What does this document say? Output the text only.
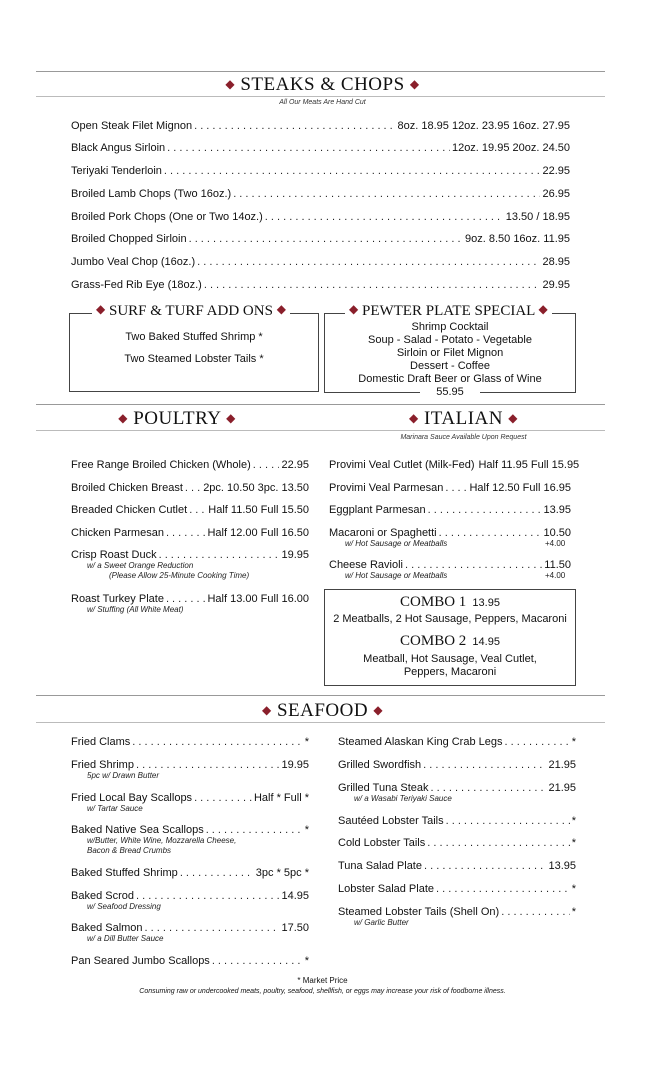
◆ STEAKS & CHOPS ◆
All Our Meats Are Hand Cut
Open Steak Filet Mignon . . .	8oz. 18.95 12oz. 23.95 16oz. 27.95
Black Angus Sirloin . . .	12oz. 19.95 20oz. 24.50
Teriyaki Tenderloin . . .	22.95
Broiled Lamb Chops (Two 16oz.) . . .	26.95
Broiled Pork Chops (One or Two 14oz.) . . .	13.50 / 18.95
Broiled Chopped Sirloin . . .	9oz. 8.50 16oz. 11.95
Jumbo Veal Chop (16oz.) . . .	28.95
Grass-Fed Rib Eye (18oz.) . . .	29.95
◆ SURF & TURF ADD ONS ◆
Two Baked Stuffed Shrimp *
Two Steamed Lobster Tails *
◆ PEWTER PLATE SPECIAL ◆
Shrimp Cocktail
Soup - Salad - Potato - Vegetable
Sirloin or Filet Mignon
Dessert - Coffee
Domestic Draft Beer or Glass of Wine
55.95
◆ POULTRY ◆	◆ ITALIAN ◆
Marinara Sauce Available Upon Request
Free Range Broiled Chicken (Whole) . . .	22.95
Broiled Chicken Breast . . . 2pc. 10.50 3pc. 13.50
Breaded Chicken Cutlet . . . Half 11.50 Full 15.50
Chicken Parmesan . . .	Half 12.00 Full 16.50
Crisp Roast Duck . . .	19.95
w/ a Sweet Orange Reduction
(Please Allow 25-Minute Cooking Time)
Roast Turkey Plate . . .	Half 13.00 Full 16.00
w/ Stuffing (All White Meat)
Provimi Veal Cutlet (Milk-Fed) Half 11.95 Full 15.95
Provimi Veal Parmesan . . . Half 12.50 Full 16.95
Eggplant Parmesan . . .	13.95
Macaroni or Spaghetti . . .	10.50
w/ Hot Sausage or Meatballs	+4.00
Cheese Ravioli . . .	11.50
w/ Hot Sausage or Meatballs	+4.00
COMBO 1 13.95
2 Meatballs, 2 Hot Sausage, Peppers, Macaroni
COMBO 2 14.95
Meatball, Hot Sausage, Veal Cutlet,
Peppers, Macaroni
◆ SEAFOOD ◆
Fried Clams . . .	*
Fried Shrimp . . .	19.95
5pc w/ Drawn Butter
Fried Local Bay Scallops . . .	Half * Full *
w/ Tartar Sauce
Baked Native Sea Scallops . . .	*
w/Butter, White Wine, Mozzarella Cheese,
Bacon & Bread Crumbs
Baked Stuffed Shrimp . . .	3pc * 5pc *
Baked Scrod . . .	14.95
w/ Seafood Dressing
Baked Salmon . . .	17.50
w/ a Dill Butter Sauce
Pan Seared Jumbo Scallops . . .	*
Steamed Alaskan King Crab Legs . . .	*
Grilled Swordfish . . .	21.95
Grilled Tuna Steak . . .	21.95
w/ a Wasabi Teriyaki Sauce
Sautéed Lobster Tails . . .	*
Cold Lobster Tails . . .	*
Tuna Salad Plate . . .	13.95
Lobster Salad Plate . . .	*
Steamed Lobster Tails (Shell On) . . .	*
w/ Garlic Butter
* Market Price
Consuming raw or undercooked meats, poultry, seafood, shellfish, or eggs may increase your risk of foodborne illness.
